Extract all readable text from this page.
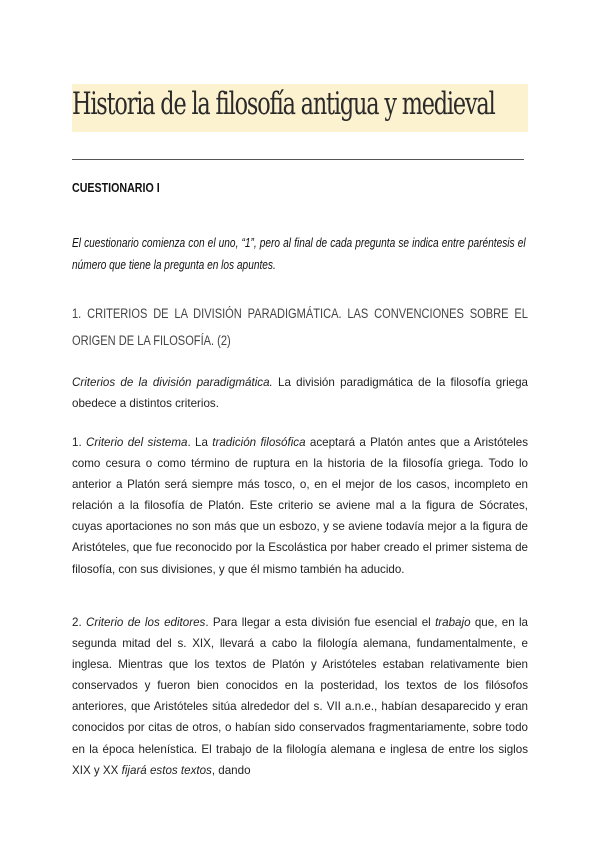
Historia de la filosofía antigua y medieval
CUESTIONARIO I
El cuestionario comienza con el uno, “1”, pero al final de cada pregunta se indica entre paréntesis el número que tiene la pregunta en los apuntes.
1. CRITERIOS DE LA DIVISIÓN PARADIGMÁTICA. LAS CONVENCIONES SOBRE EL ORIGEN DE LA FILOSOFÍA. (2)
Criterios de la división paradigmática. La división paradigmática de la filosofía griega obedece a distintos criterios.
1. Criterio del sistema. La tradición filosófica aceptará a Platón antes que a Aristóteles como cesura o como término de ruptura en la historia de la filosofía griega. Todo lo anterior a Platón será siempre más tosco, o, en el mejor de los casos, incompleto en relación a la filosofía de Platón. Este criterio se aviene mal a la figura de Sócrates, cuyas aportaciones no son más que un esbozo, y se aviene todavía mejor a la figura de Aristóteles, que fue reconocido por la Escolástica por haber creado el primer sistema de filosofía, con sus divisiones, y que él mismo también ha aducido.
2. Criterio de los editores. Para llegar a esta división fue esencial el trabajo que, en la segunda mitad del s. XIX, llevará a cabo la filología alemana, fundamentalmente, e inglesa. Mientras que los textos de Platón y Aristóteles estaban relativamente bien conservados y fueron bien conocidos en la posteridad, los textos de los filósofos anteriores, que Aristóteles sitúa alrededor del s. VII a.n.e., habían desaparecido y eran conocidos por citas de otros, o habían sido conservados fragmentariamente, sobre todo en la época helenística. El trabajo de la filología alemana e inglesa de entre los siglos XIX y XX fijará estos textos, dando
